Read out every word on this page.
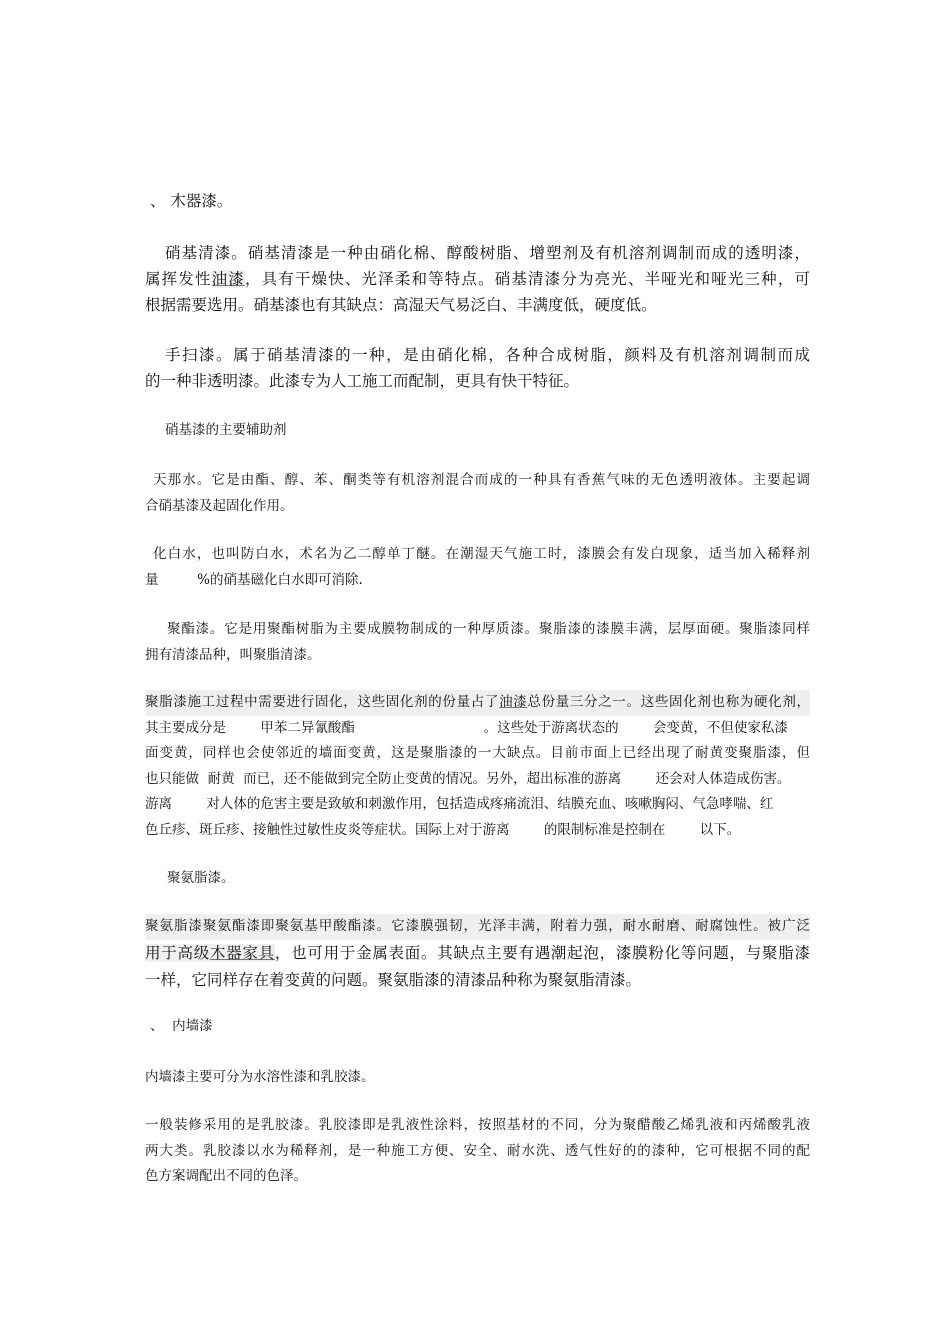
、 木器漆。

硝基清漆。硝基清漆是一种由硝化棉、醇酸树脂、增塑剂及有机溶剂调制而成的透明漆，
属挥发性油漆，具有干燥快、光泽柔和等特点。硝基清漆分为亮光、半哑光和哑光三种，可
根据需要选用。硝基漆也有其缺点：高湿天气易泛白、丰满度低，硬度低。

手扫漆。属于硝基清漆的一种，是由硝化棉，各种合成树脂，颜料及有机溶剂调制而成
的一种非透明漆。此漆专为人工施工而配制，更具有快干特征。

硝基漆的主要辅助剂

天那水。它是由酯、醇、苯、酮类等有机溶剂混合而成的一种具有香蕉气味的无色透明液体。主要起调
合硝基漆及起固化作用。

化白水，也叫防白水，术名为乙二醇单丁醚。在潮湿天气施工时，漆膜会有发白现象，适当加入稀释剂
量         %的硝基磁化白水即可消除.

聚酯漆。它是用聚酯树脂为主要成膜物制成的一种厚质漆。聚脂漆的漆膜丰满，层厚面硬。聚脂漆同样
拥有清漆品种，叫聚脂清漆。

聚脂漆施工过程中需要进行固化，这些固化剂的份量占了油漆总份量三分之一。这些固化剂也称为硬化剂，
其主要成分是        甲苯二异氰酸酯                              。这些处于游离状态的        会变黄，不但使家私漆
面变黄，同样也会使邻近的墙面变黄，这是聚脂漆的一大缺点。目前市面上已经出现了耐黄变聚脂漆，但
也只能做  耐黄  而已，还不能做到完全防止变黄的情况。另外，超出标准的游离        还会对人体造成伤害。
游离        对人体的危害主要是致敏和刺激作用，包括造成疼痛流泪、结膜充血、咳嗽胸闷、气急哮喘、红
色丘疹、斑丘疹、接触性过敏性皮炎等症状。国际上对于游离        的限制标准是控制在        以下。

聚氨脂漆。

聚氨脂漆聚氨酯漆即聚氨基甲酸酯漆。它漆膜强韧，光泽丰满，附着力强，耐水耐磨、耐腐蚀性。被广泛
用于高级木器家具，也可用于金属表面。其缺点主要有遇潮起泡，漆膜粉化等问题，与聚脂漆
一样，它同样存在着变黄的问题。聚氨脂漆的清漆品种称为聚氨脂清漆。

、  内墙漆

内墙漆主要可分为水溶性漆和乳胶漆。

一般装修采用的是乳胶漆。乳胶漆即是乳液性涂料，按照基材的不同，分为聚醋酸乙烯乳液和丙烯酸乳液
两大类。乳胶漆以水为稀释剂，是一种施工方便、安全、耐水洗、透气性好的的漆种，它可根据不同的配
色方案调配出不同的色泽。
